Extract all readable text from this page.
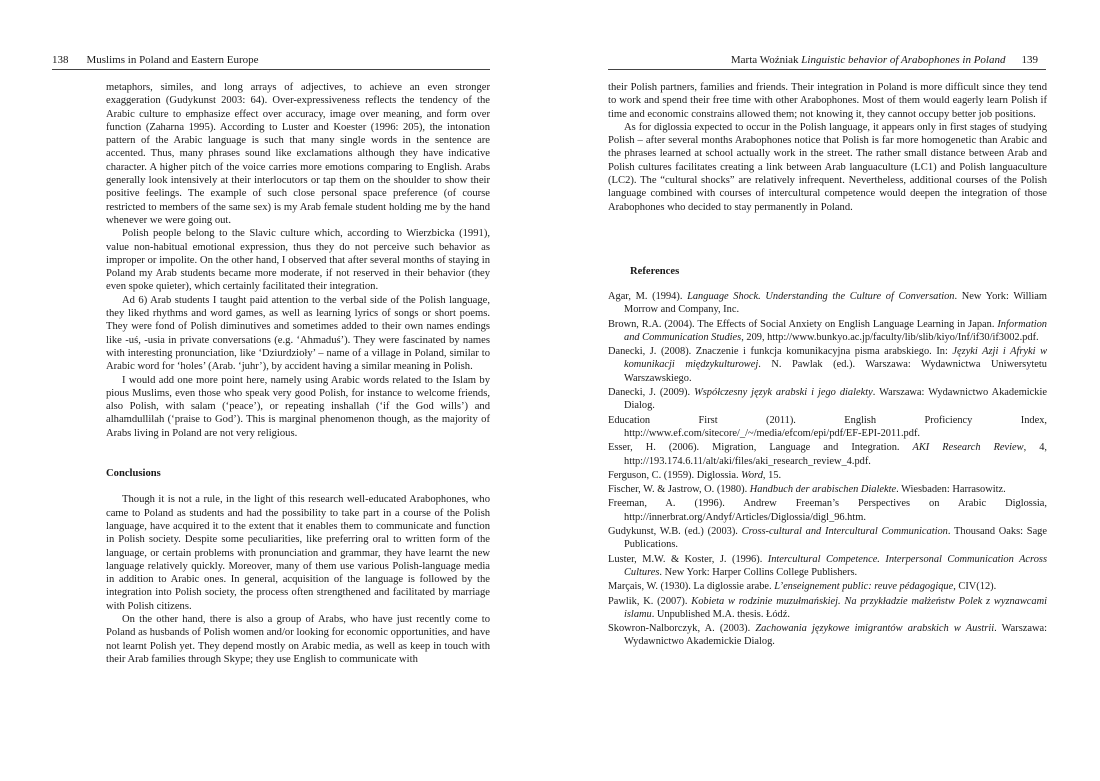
138 Muslims in Poland and Eastern Europe

metaphors, similes, and long arrays of adjectives, to achieve an even stronger exaggeration (Gudykunst 2003: 64). Over-expressiveness reflects the tendency of the Arabic culture to emphasize effect over accuracy, image over meaning, and form over function (Zaharna 1995). According to Luster and Koester (1996: 205), the intonation pattern of the Arabic language is such that many single words in the sentence are accented. Thus, many phrases sound like exclamations although they have indicative character. A higher pitch of the voice carries more emotions comparing to English. Arabs generally look intensively at their interlocutors or tap them on the shoulder to show their positive feelings. The example of such close personal space preference (of course restricted to members of the same sex) is my Arab female student holding me by the hand whenever we were going out.

Polish people belong to the Slavic culture which, according to Wierzbicka (1991), value non-habitual emotional expression, thus they do not perceive such behavior as improper or impolite. On the other hand, I observed that after several months of staying in Poland my Arab students became more moderate, if not reserved in their behavior (they even spoke quieter), which certainly facilitated their integration.

Ad 6) Arab students I taught paid attention to the verbal side of the Polish language, they liked rhythms and word games, as well as learning lyrics of songs or short poems. They were fond of Polish diminutives and sometimes added to their own names endings like -uś, -usia in private conversations (e.g. ‘Ahmaduś’). They were fascinated by names with interesting pronunciation, like ‘Dziurdzioły’ – name of a village in Poland, similar to Arabic word for ‘holes’ (Arab. ‘juhr’), by accident having a similar meaning in Polish.

I would add one more point here, namely using Arabic words related to the Islam by pious Muslims, even those who speak very good Polish, for instance to welcome friends, also Polish, with salam (‘peace’), or repeating inshallah (‘if the God wills’) and alhamdullilah (‘praise to God’). This is marginal phenomenon though, as the majority of Arabs living in Poland are not very religious.

Conclusions

Though it is not a rule, in the light of this research well-educated Arabophones, who came to Poland as students and had the possibility to take part in a course of the Polish language, have acquired it to the extent that it enables them to communicate and function in Polish society. Despite some peculiarities, like preferring oral to written form of the language, or certain problems with pronunciation and grammar, they have learnt the new language relatively quickly. Moreover, many of them use various Polish-language media in addition to Arabic ones. In general, acquisition of the language is followed by the integration into Polish society, the process often strengthened and facilitated by marriage with Polish citizens.

On the other hand, there is also a group of Arabs, who have just recently come to Poland as husbands of Polish women and/or looking for economic opportunities, and have not learnt Polish yet. They depend mostly on Arabic media, as well as keep in touch with their Arab families through Skype; they use English to communicate with

Marta Woźniak Linguistic behavior of Arabophones in Poland 139

their Polish partners, families and friends. Their integration in Poland is more difficult since they tend to work and spend their free time with other Arabophones. Most of them would eagerly learn Polish if time and economic constrains allowed them; not knowing it, they cannot occupy better job positions.

As for diglossia expected to occur in the Polish language, it appears only in first stages of studying Polish – after several months Arabophones notice that Polish is far more homogenetic than Arabic and the phrases learned at school actually work in the street. The rather small distance between Arab and Polish cultures facilitates creating a link between Arab languaculture (LC1) and Polish languaculture (LC2). The “cultural shocks” are relatively infrequent. Nevertheless, additional courses of the Polish language combined with courses of intercultural competence would deepen the integration of those Arabophones who decided to stay permanently in Poland.

References

Agar, M. (1994). Language Shock. Understanding the Culture of Conversation. New York: William Morrow and Company, Inc.

Brown, R.A. (2004). The Effects of Social Anxiety on English Language Learning in Japan. Information and Communication Studies, 209, http://www.bunkyo.ac.jp/faculty/lib/slib/kiyo/Inf/if30/if3002.pdf.

Danecki, J. (2008). Znaczenie i funkcja komunikacyjna pisma arabskiego. In: Języki Azji i Afryki w komunikacji międzykulturowej. N. Pawlak (ed.). Warszawa: Wydawnictwa Uniwersytetu Warszawskiego.

Danecki, J. (2009). Współczesny język arabski i jego dialekty. Warszawa: Wydawnictwo Akademickie Dialog.

Education First (2011). English Proficiency Index, http://www.ef.com/sitecore/_/~/media/efcom/epi/pdf/EF-EPI-2011.pdf.

Esser, H. (2006). Migration, Language and Integration. AKI Research Review, 4, http://193.174.6.11/alt/aki/files/aki_research_review_4.pdf.

Ferguson, C. (1959). Diglossia. Word, 15.

Fischer, W. & Jastrow, O. (1980). Handbuch der arabischen Dialekte. Wiesbaden: Harrasowitz.

Freeman, A. (1996). Andrew Freeman’s Perspectives on Arabic Diglossia, http://innerbrat.org/Andyf/Articles/Diglossia/digl_96.htm.

Gudykunst, W.B. (ed.) (2003). Cross-cultural and Intercultural Communication. Thousand Oaks: Sage Publications.

Luster, M.W. & Koster, J. (1996). Intercultural Competence. Interpersonal Communication Across Cultures. New York: Harper Collins College Publishers.

Marçais, W. (1930). La diglossie arabe. L’enseignement public: reuve pédagogique, CIV(12).

Pawlik, K. (2007). Kobieta w rodzinie muzułmańskiej. Na przykładzie małżeństw Polek z wyznawcami islamu. Unpublished M.A. thesis. Łódź.

Skowron-Nalborczyk, A. (2003). Zachowania językowe imigrantów arabskich w Austrii. Warszawa: Wydawnictwo Akademickie Dialog.
